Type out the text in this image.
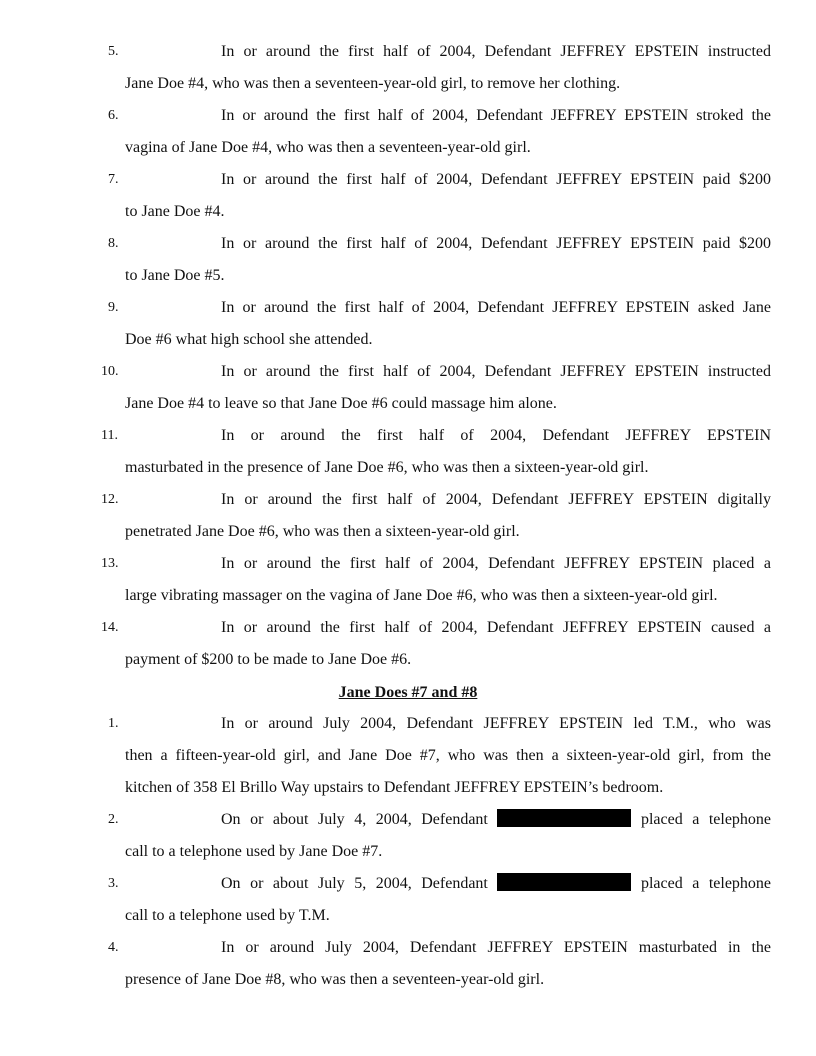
5.	In or around the first half of 2004, Defendant JEFFREY EPSTEIN instructed
Jane Doe #4, who was then a seventeen-year-old girl, to remove her clothing.
6.	In or around the first half of 2004, Defendant JEFFREY EPSTEIN stroked the
vagina of Jane Doe #4, who was then a seventeen-year-old girl.
7.	In or around the first half of 2004, Defendant JEFFREY EPSTEIN paid $200
to Jane Doe #4.
8.	In or around the first half of 2004, Defendant JEFFREY EPSTEIN paid $200
to Jane Doe #5.
9.	In or around the first half of 2004, Defendant JEFFREY EPSTEIN asked Jane
Doe #6 what high school she attended.
10.	In or around the first half of 2004, Defendant JEFFREY EPSTEIN instructed
Jane Doe #4 to leave so that Jane Doe #6 could massage him alone.
11.	In or around the first half of 2004, Defendant JEFFREY EPSTEIN
masturbated in the presence of Jane Doe #6, who was then a sixteen-year-old girl.
12.	In or around the first half of 2004, Defendant JEFFREY EPSTEIN digitally
penetrated Jane Doe #6, who was then a sixteen-year-old girl.
13.	In or around the first half of 2004, Defendant JEFFREY EPSTEIN placed a
large vibrating massager on the vagina of Jane Doe #6, who was then a sixteen-year-old girl.
14.	In or around the first half of 2004, Defendant JEFFREY EPSTEIN caused a
payment of $200 to be made to Jane Doe #6.
Jane Does #7 and #8
1.	In or around July 2004, Defendant JEFFREY EPSTEIN led T.M., who was
then a fifteen-year-old girl, and Jane Doe #7, who was then a sixteen-year-old girl, from the
kitchen of 358 El Brillo Way upstairs to Defendant JEFFREY EPSTEIN’s bedroom.
2.	On or about July 4, 2004, Defendant	placed a telephone
call to a telephone used by Jane Doe #7.
3.	On or about July 5, 2004, Defendant	placed a telephone
call to a telephone used by T.M.
4.	In or around July 2004, Defendant JEFFREY EPSTEIN masturbated in the
presence of Jane Doe #8, who was then a seventeen-year-old girl.
